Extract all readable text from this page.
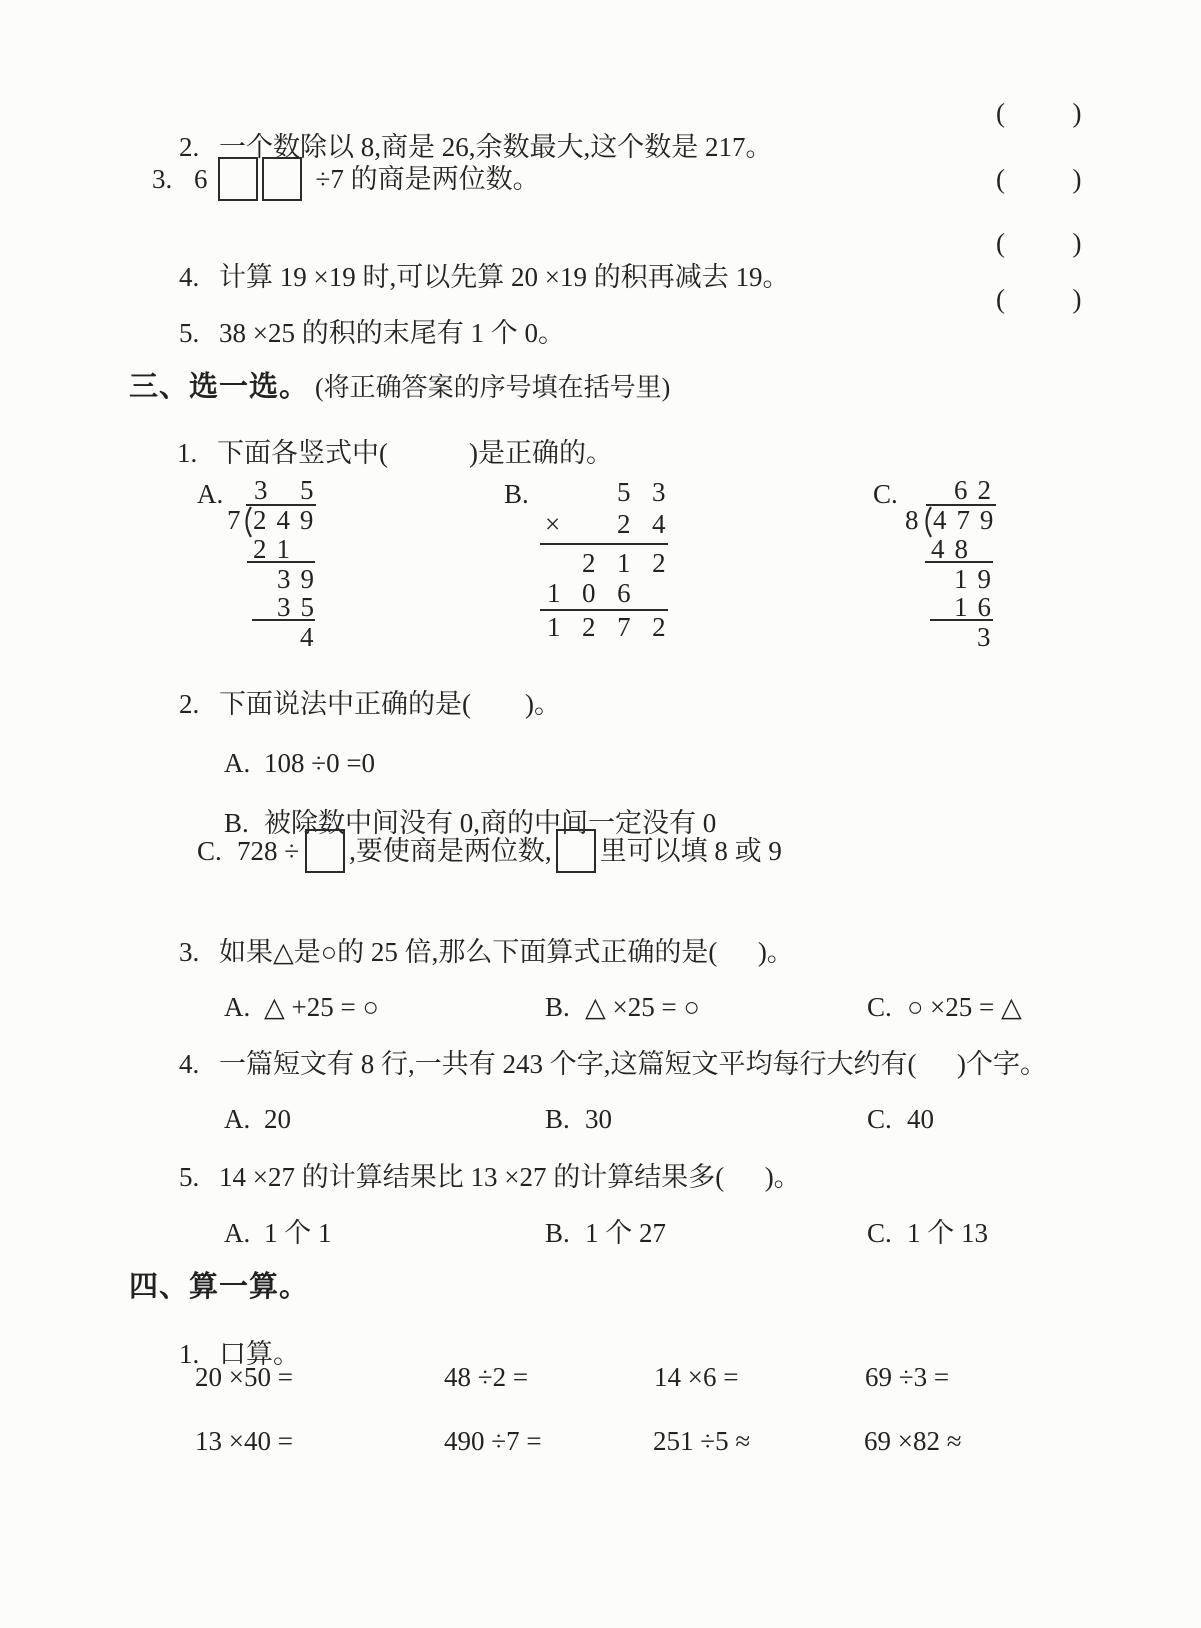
2. 一个数除以 8,商是 26,余数最大,这个数是 217。

(          )
3. 6	÷7 的商是两位数。	(          )

4. 计算 19 ×19 时,可以先算 20 ×19 的积再减去 19。

(          )

5. 38 ×25 的积的末尾有 1 个 0。

(          )

三、选一选。 (将正确答案的序号填在括号里)

1. 下面各竖式中(            )是正确的。

A. 3 5
7 2 4 9
2 1
3 9
3 5
4
B.	5 3
× 2 4
2 1 2
1 0 6
1 2 7 2
C. 6 2
8 4 7 9
4 8
1 9
1 6
3

2. 下面说法中正确的是(        )。

A. 108 ÷0 =0

B. 被除数中间没有 0,商的中间一定没有 0

C. 728 ÷ ,要使商是两位数, 里可以填 8 或 9

3. 如果△是○的 25 倍,那么下面算式正确的是(      )。

A. △ +25 = ○
	B. △ ×25 = ○
	C. ○ ×25 = △

4. 一篇短文有 8 行,一共有 243 个字,这篇短文平均每行大约有(      )个字。

A. 20
	B. 30
	C. 40

5. 14 ×27 的计算结果比 13 ×27 的计算结果多(      )。

A. 1 个 1
	B. 1 个 27
	C. 1 个 13

四、算一算。

1. 口算。

20 ×50 =	48 ÷2 =	14 ×6 =	69 ÷3 =
13 ×40 =	490 ÷7 =	251 ÷5 ≈	69 ×82 ≈
